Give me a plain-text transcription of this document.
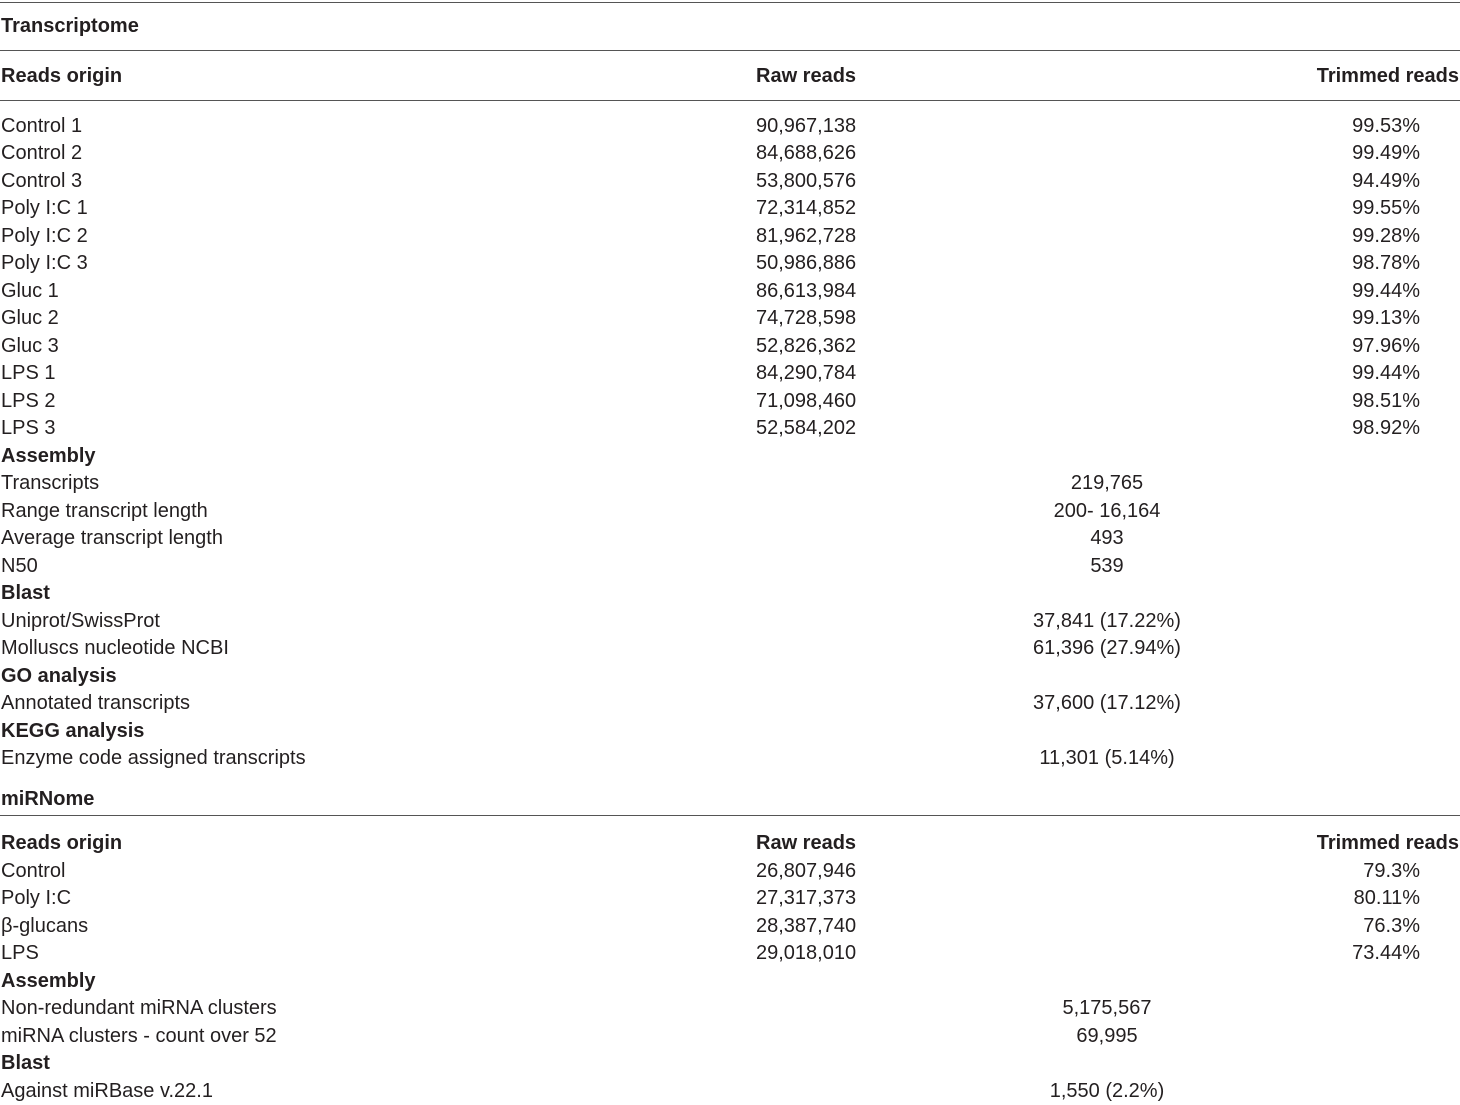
Transcriptome
Reads origin	Raw reads	Trimmed reads
Control 1	90,967,138	99.53%
Control 2	84,688,626	99.49%
Control 3	53,800,576	94.49%
Poly I:C 1	72,314,852	99.55%
Poly I:C 2	81,962,728	99.28%
Poly I:C 3	50,986,886	98.78%
Gluc 1	86,613,984	99.44%
Gluc 2	74,728,598	99.13%
Gluc 3	52,826,362	97.96%
LPS 1	84,290,784	99.44%
LPS 2	71,098,460	98.51%
LPS 3	52,584,202	98.92%
Assembly
Transcripts	219,765
Range transcript length	200- 16,164
Average transcript length	493
N50	539
Blast
Uniprot/SwissProt	37,841 (17.22%)
Molluscs nucleotide NCBI	61,396 (27.94%)
GO analysis
Annotated transcripts	37,600 (17.12%)
KEGG analysis
Enzyme code assigned transcripts	11,301 (5.14%)
miRNome
Reads origin	Raw reads	Trimmed reads
Control	26,807,946	79.3%
Poly I:C	27,317,373	80.11%
β-glucans	28,387,740	76.3%
LPS	29,018,010	73.44%
Assembly
Non-redundant miRNA clusters	5,175,567
miRNA clusters - count over 52	69,995
Blast
Against miRBase v.22.1	1,550 (2.2%)
